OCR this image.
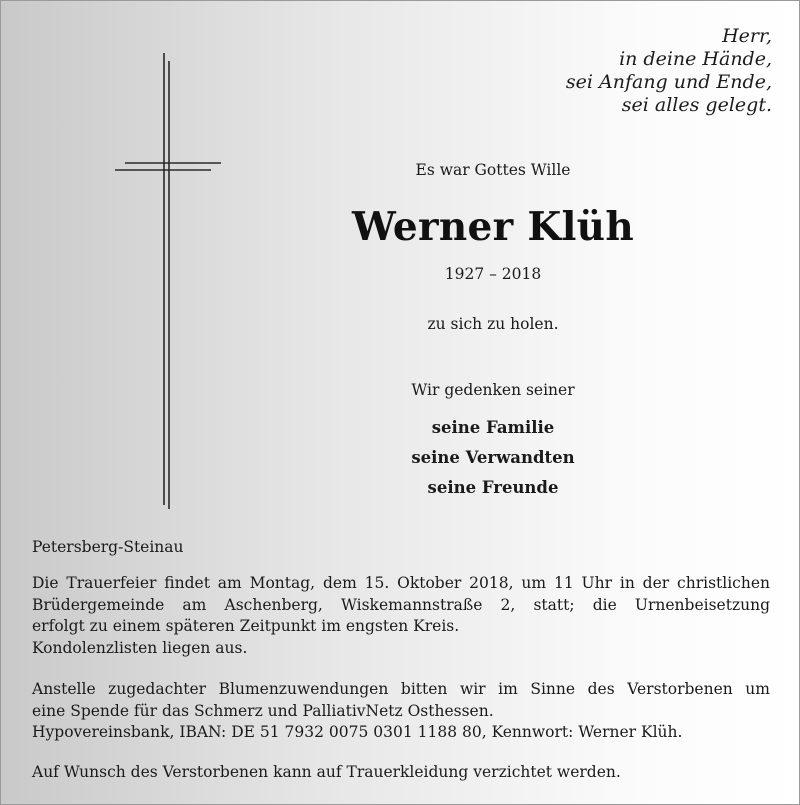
Herr,
in deine Hände,
sei Anfang und Ende,
sei alles gelegt.

Es war Gottes Wille

Werner Klüh

1927 – 2018

zu sich zu holen.

Wir gedenken seiner

seine Familie
seine Verwandten
seine Freunde

Petersberg-Steinau

Die Trauerfeier findet am Montag, dem 15. Oktober 2018, um 11 Uhr in der christlichen
Brüdergemeinde am Aschenberg, Wiskemannstraße 2, statt; die Urnenbeisetzung
erfolgt zu einem späteren Zeitpunkt im engsten Kreis.
Kondolenzlisten liegen aus.

Anstelle zugedachter Blumenzuwendungen bitten wir im Sinne des Verstorbenen um
eine Spende für das Schmerz und PalliativNetz Osthessen.
Hypovereinsbank, IBAN: DE 51 7932 0075 0301 1188 80, Kennwort: Werner Klüh.

Auf Wunsch des Verstorbenen kann auf Trauerkleidung verzichtet werden.
